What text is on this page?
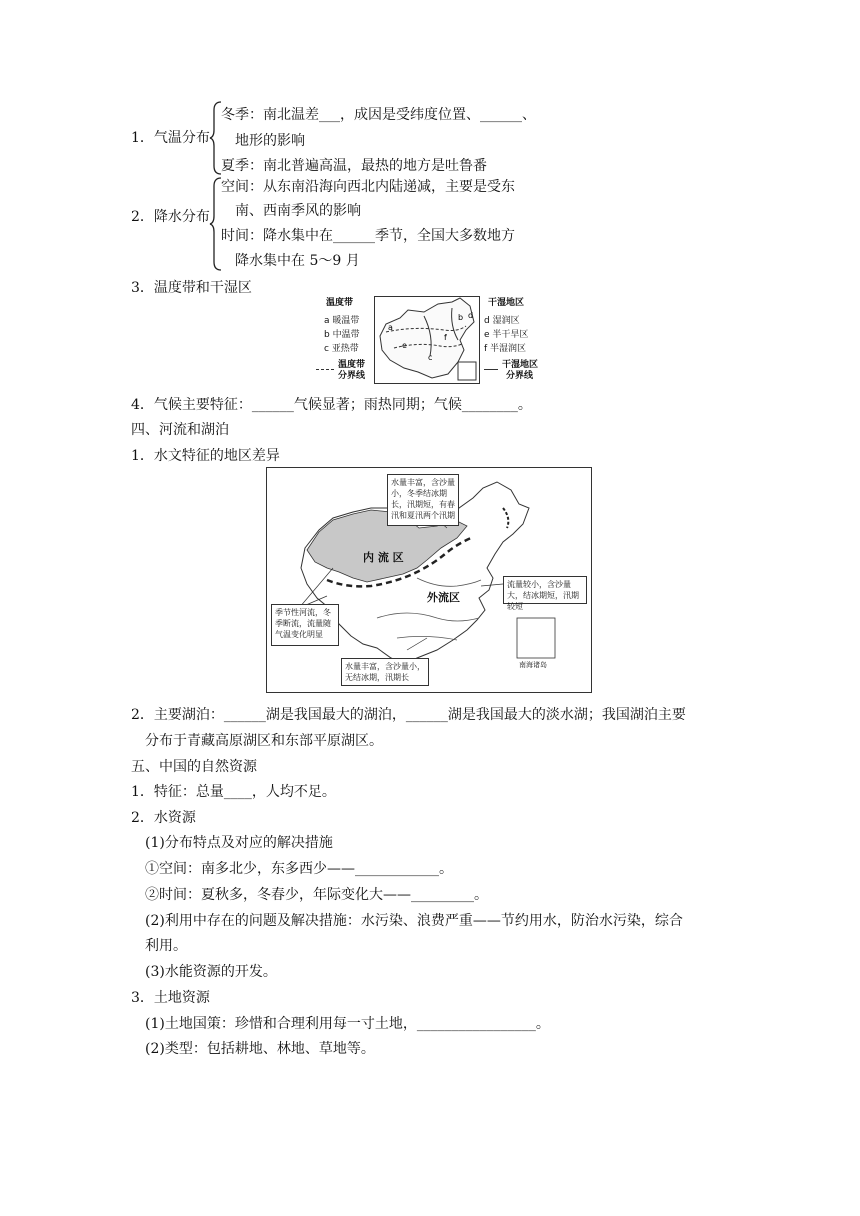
1．气温分布
冬季：南北温差___，成因是受纬度位置、______、
地形的影响
夏季：南北普遍高温，最热的地方是吐鲁番
2．降水分布
空间：从东南沿海向西北内陆递减，主要是受东
南、西南季风的影响
时间：降水集中在______季节，全国大多数地方
降水集中在 5～9 月
3．温度带和干湿区
温度带
a 暖温带
b 中温带
c 亚热带
温度带
分界线
a
b
c
d
e
f
干湿地区
d 湿润区
e 半干旱区
f 半湿润区
干湿地区
分界线
4．气候主要特征：______气候显著；雨热同期；气候________。
四、河流和湖泊
1．水文特征的地区差异
内 流 区
外流区
水量丰富，含沙量小，冬季结冰期长，汛期短，有春汛和夏汛两个汛期
流量较小，含沙量大，结冰期短，汛期较短
季节性河流，冬季断流，流量随气温变化明显
水量丰富，含沙量小，无结冰期，汛期长
南海诸岛
2．主要湖泊：______湖是我国最大的湖泊，______湖是我国最大的淡水湖；我国湖泊主要
分布于青藏高原湖区和东部平原湖区。
五、中国的自然资源
1．特征：总量____，人均不足。
2．水资源
(1)分布特点及对应的解决措施
①空间：南多北少，东多西少——____________。
②时间：夏秋多，冬春少，年际变化大——_________。
(2)利用中存在的问题及解决措施：水污染、浪费严重——节约用水，防治水污染，综合
利用。
(3)水能资源的开发。
3．土地资源
(1)土地国策：珍惜和合理利用每一寸土地，_________________。
(2)类型：包括耕地、林地、草地等。
